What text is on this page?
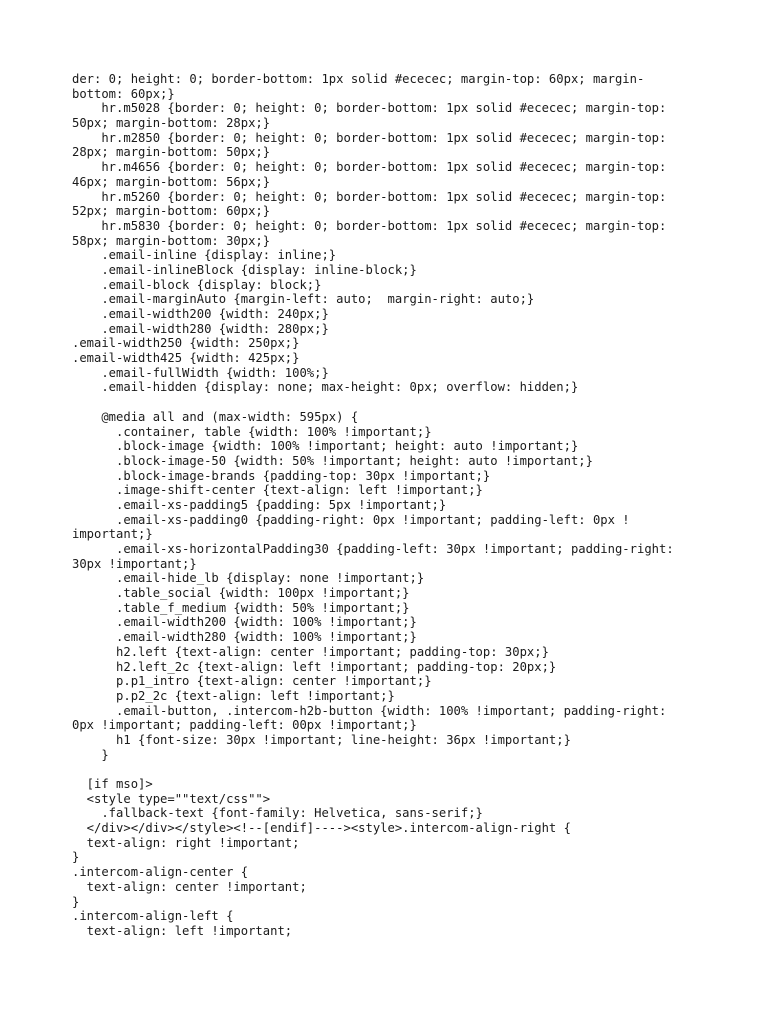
der: 0; height: 0; border-bottom: 1px solid #ececec; margin-top: 60px; margin-
bottom: 60px;}
hr.m5028 {border: 0; height: 0; border-bottom: 1px solid #ececec; margin-top:
50px; margin-bottom: 28px;}
hr.m2850 {border: 0; height: 0; border-bottom: 1px solid #ececec; margin-top:
28px; margin-bottom: 50px;}
hr.m4656 {border: 0; height: 0; border-bottom: 1px solid #ececec; margin-top:
46px; margin-bottom: 56px;}
hr.m5260 {border: 0; height: 0; border-bottom: 1px solid #ececec; margin-top:
52px; margin-bottom: 60px;}
hr.m5830 {border: 0; height: 0; border-bottom: 1px solid #ececec; margin-top:
58px; margin-bottom: 30px;}
.email-inline {display: inline;}
.email-inlineBlock {display: inline-block;}
.email-block {display: block;}
.email-marginAuto {margin-left: auto;  margin-right: auto;}
.email-width200 {width: 240px;}
.email-width280 {width: 280px;}
.email-width250 {width: 250px;}
.email-width425 {width: 425px;}
.email-fullWidth {width: 100%;}
.email-hidden {display: none; max-height: 0px; overflow: hidden;}
@media all and (max-width: 595px) {
.container, table {width: 100% !important;}
.block-image {width: 100% !important; height: auto !important;}
.block-image-50 {width: 50% !important; height: auto !important;}
.block-image-brands {padding-top: 30px !important;}
.image-shift-center {text-align: left !important;}
.email-xs-padding5 {padding: 5px !important;}
.email-xs-padding0 {padding-right: 0px !important; padding-left: 0px !
important;}
.email-xs-horizontalPadding30 {padding-left: 30px !important; padding-right:
30px !important;}
.email-hide_lb {display: none !important;}
.table_social {width: 100px !important;}
.table_f_medium {width: 50% !important;}
.email-width200 {width: 100% !important;}
.email-width280 {width: 100% !important;}
h2.left {text-align: center !important; padding-top: 30px;}
h2.left_2c {text-align: left !important; padding-top: 20px;}
p.p1_intro {text-align: center !important;}
p.p2_2c {text-align: left !important;}
.email-button, .intercom-h2b-button {width: 100% !important; padding-right:
0px !important; padding-left: 00px !important;}
h1 {font-size: 30px !important; line-height: 36px !important;}
}
[if mso]>
<style type=""text/css"">
.fallback-text {font-family: Helvetica, sans-serif;}
</div></div></style><!--[endif]----><style>.intercom-align-right {
text-align: right !important;
}
.intercom-align-center {
text-align: center !important;
}
.intercom-align-left {
text-align: left !important;
